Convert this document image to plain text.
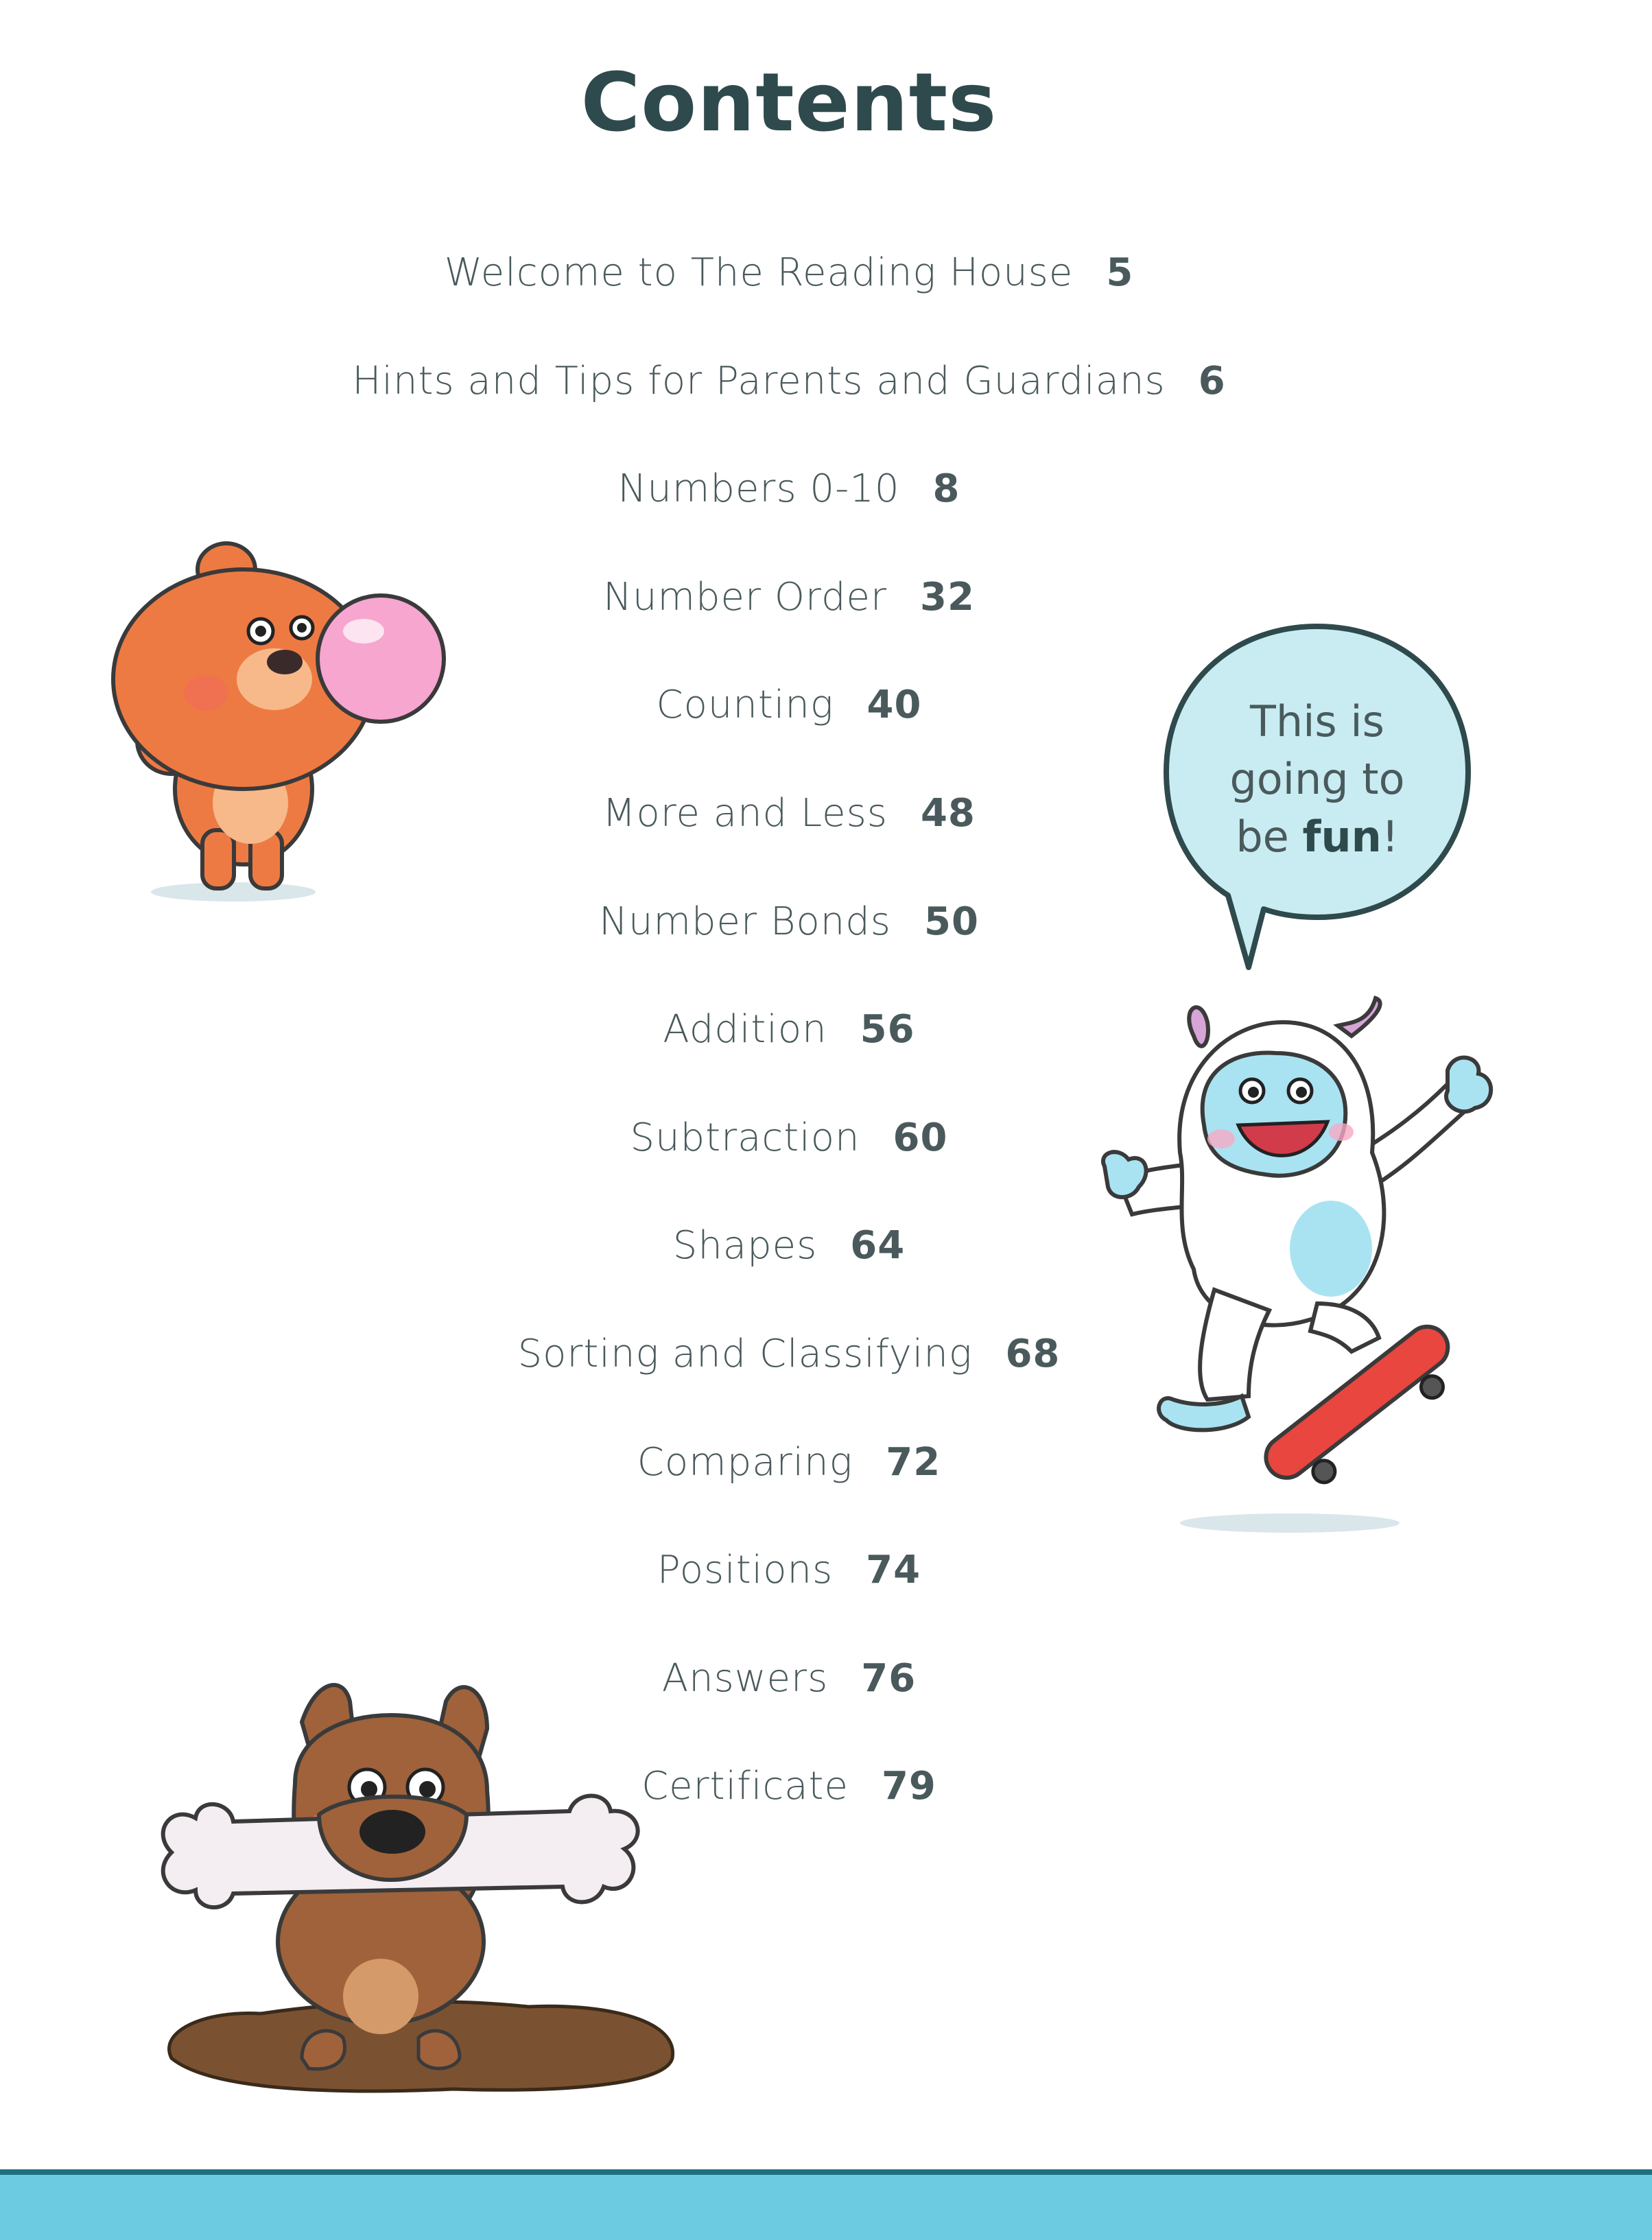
Contents
Welcome to The Reading House 5
Hints and Tips for Parents and Guardians 6
Numbers 0-10 8
Number Order 32
Counting 40
More and Less 48
Number Bonds 50
Addition 56
Subtraction 60
Shapes 64
Sorting and Classifying 68
Comparing 72
Positions 74
Answers 76
Certificate 79
This is
going to
be fun!
